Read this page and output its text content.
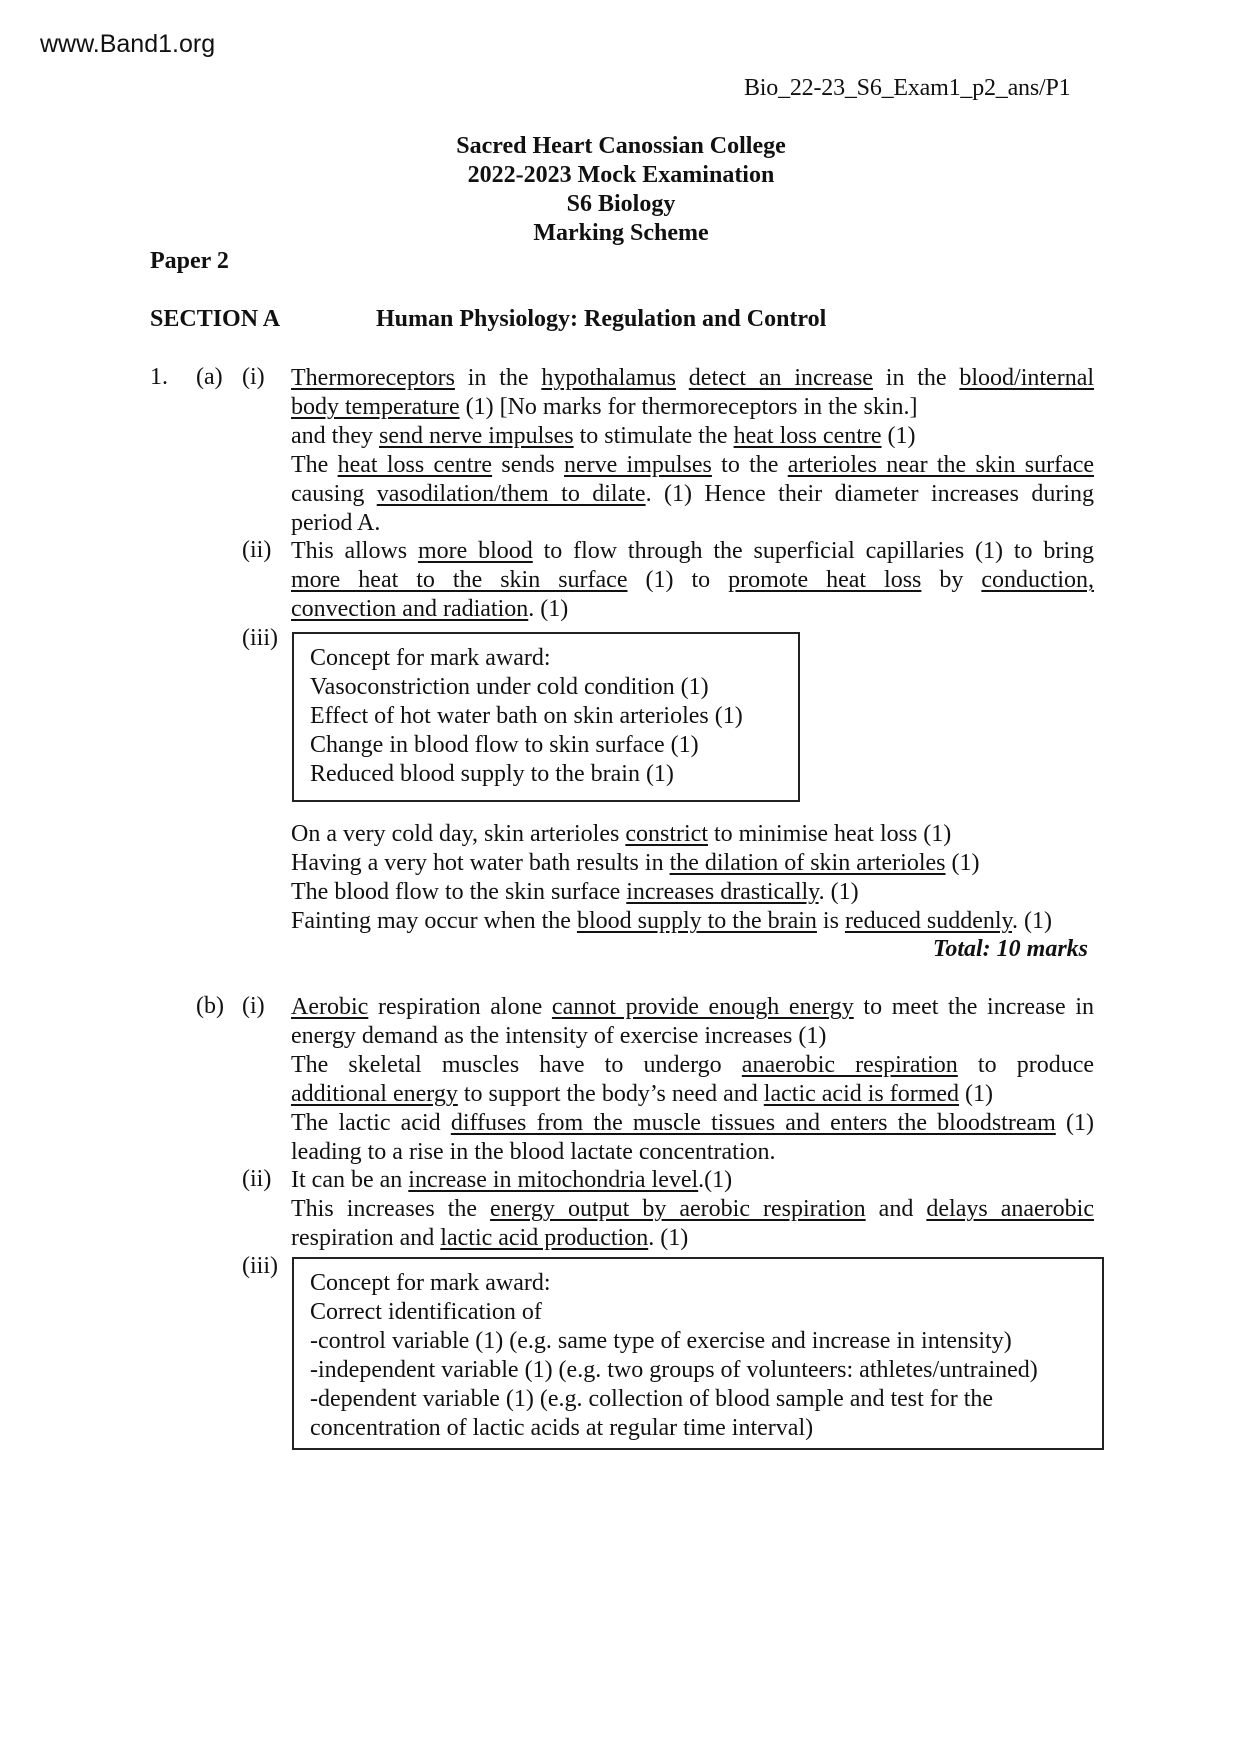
www.Band1.org
Bio_22-23_S6_Exam1_p2_ans/P1
Sacred Heart Canossian College
2022-2023 Mock Examination
S6 Biology
Marking Scheme
Paper 2
SECTION A	Human Physiology: Regulation and Control
1. (a) (i) Thermoreceptors in the hypothalamus detect an increase in the blood/internal
body temperature (1) [No marks for thermoreceptors in the skin.]
and they send nerve impulses to stimulate the heat loss centre (1)
The heat loss centre sends nerve impulses to the arterioles near the skin surface
causing vasodilation/them to dilate. (1) Hence their diameter increases during
period A.
(ii) This allows more blood to flow through the superficial capillaries (1) to bring
more heat to the skin surface (1) to promote heat loss by conduction,
convection and radiation. (1)
(iii)
Concept for mark award:
Vasoconstriction under cold condition (1)
Effect of hot water bath on skin arterioles (1)
Change in blood flow to skin surface (1)
Reduced blood supply to the brain (1)
On a very cold day, skin arterioles constrict to minimise heat loss (1)
Having a very hot water bath results in the dilation of skin arterioles (1)
The blood flow to the skin surface increases drastically. (1)
Fainting may occur when the blood supply to the brain is reduced suddenly. (1)
Total: 10 marks
(b) (i) Aerobic respiration alone cannot provide enough energy to meet the increase in
energy demand as the intensity of exercise increases (1)
The skeletal muscles have to undergo anaerobic respiration to produce
additional energy to support the body’s need and lactic acid is formed (1)
The lactic acid diffuses from the muscle tissues and enters the bloodstream (1)
leading to a rise in the blood lactate concentration.
(ii) It can be an increase in mitochondria level.(1)
This increases the energy output by aerobic respiration and delays anaerobic
respiration and lactic acid production. (1)
(iii)
Concept for mark award:
Correct identification of
-control variable (1) (e.g. same type of exercise and increase in intensity)
-independent variable (1) (e.g. two groups of volunteers: athletes/untrained)
-dependent variable (1) (e.g. collection of blood sample and test for the
concentration of lactic acids at regular time interval)
